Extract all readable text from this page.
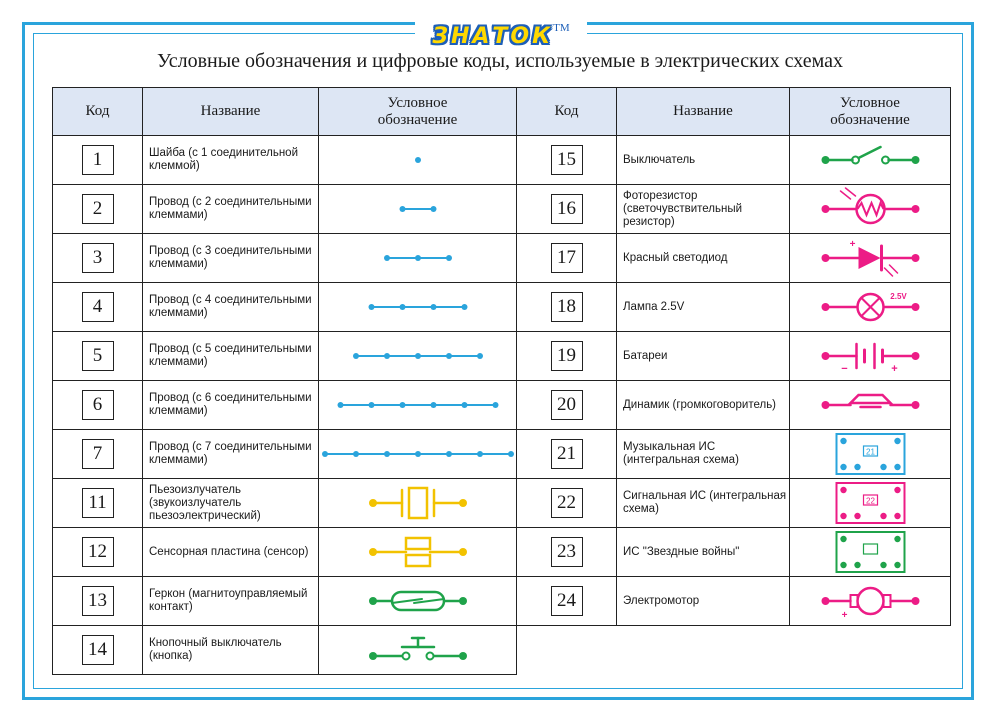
ЗНАТОК™
Условные обозначения и цифровые коды, используемые в электрических схемах
Код	Название	Условное обозначение

1	Шайба (с 1 соединительной клеммой)	

2	Провод (с 2 соединительными клеммами)	

3	Провод (с 3 соединительными клеммами)	

4	Провод (с 4 соединительными клеммами)	

5	Провод (с 5 соединительными клеммами)	

6	Провод (с 6 соединительными клеммами)	

7	Провод (с 7 соединительными клеммами)	

11	Пьезоизлучатель (звукоизлучатель пьезоэлектрический)	

12	Сенсорная пластина (сенсор)	

13	Геркон (магнитоуправляемый контакт)	

14	Кнопочный выключатель (кнопка)	
Код	Название	Условное обозначение

15	Выключатель	

16	Фоторезистор (светочувствительный резистор)	

17	Красный светодиод	+

18	Лампа 2.5V	2.5V

19	Батареи	− +

20	Динамик (громкоговоритель)	

21	Музыкальная ИС (интегральная схема)	21

22	Сигнальная ИС (интегральная схема)	22

23	ИС "Звездные войны"	

24	Электромотор	+
